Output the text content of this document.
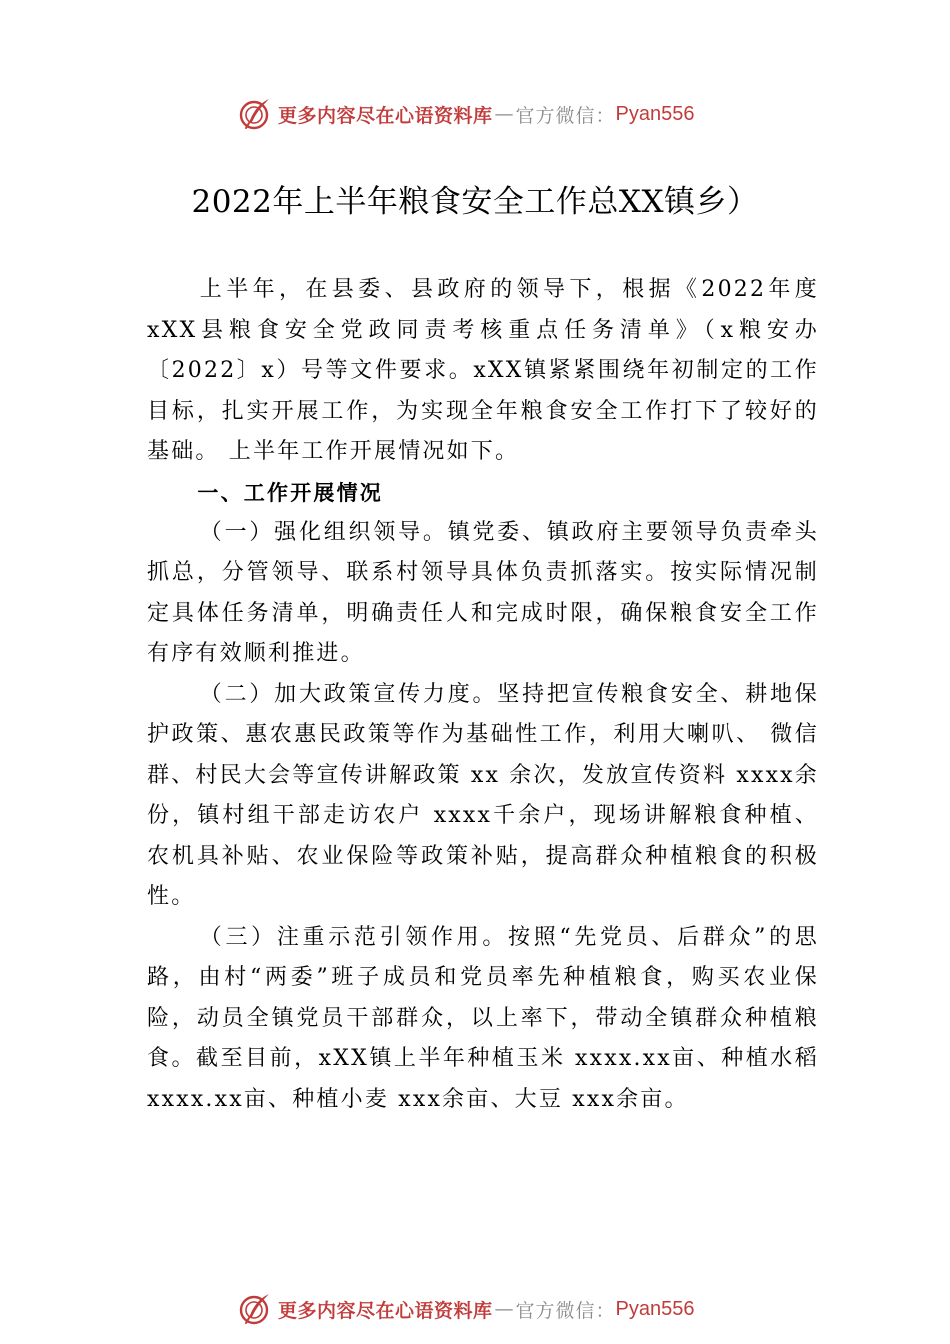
更多内容尽在心语资料库 — 官方微信： Pyan556
2022年上半年粮食安全工作总XX镇乡）

上半年，在县委、县政府的领导下，根据《2022年度xXX县粮食安全党政同责考核重点任务清单》（x粮安办〔2022〕x）号等文件要求。xXX镇紧紧围绕年初制定的工作目标，扎实开展工作，为实现全年粮食安全工作打下了较好的基础。 上半年工作开展情况如下。

一、工作开展情况

（一）强化组织领导。镇党委、镇政府主要领导负责牵头抓总，分管领导、联系村领导具体负责抓落实。按实际情况制定具体任务清单，明确责任人和完成时限，确保粮食安全工作有序有效顺利推进。

（二）加大政策宣传力度。坚持把宣传粮食安全、耕地保护政策、惠农惠民政策等作为基础性工作，利用大喇叭、 微信群、村民大会等宣传讲解政策 xx 余次，发放宣传资料 xxxx余份，镇村组干部走访农户 xxxx千余户，现场讲解粮食种植、农机具补贴、农业保险等政策补贴，提高群众种植粮食的积极性。

（三）注重示范引领作用。按照“先党员、后群众”的思路，由村“两委”班子成员和党员率先种植粮食，购买农业保险，动员全镇党员干部群众，以上率下，带动全镇群众种植粮食。截至目前，xXX镇上半年种植玉米 xxxx.xx亩、种植水稻 xxxx.xx亩、种植小麦 xxx余亩、大豆 xxx余亩。

更多内容尽在心语资料库 — 官方微信： Pyan556
